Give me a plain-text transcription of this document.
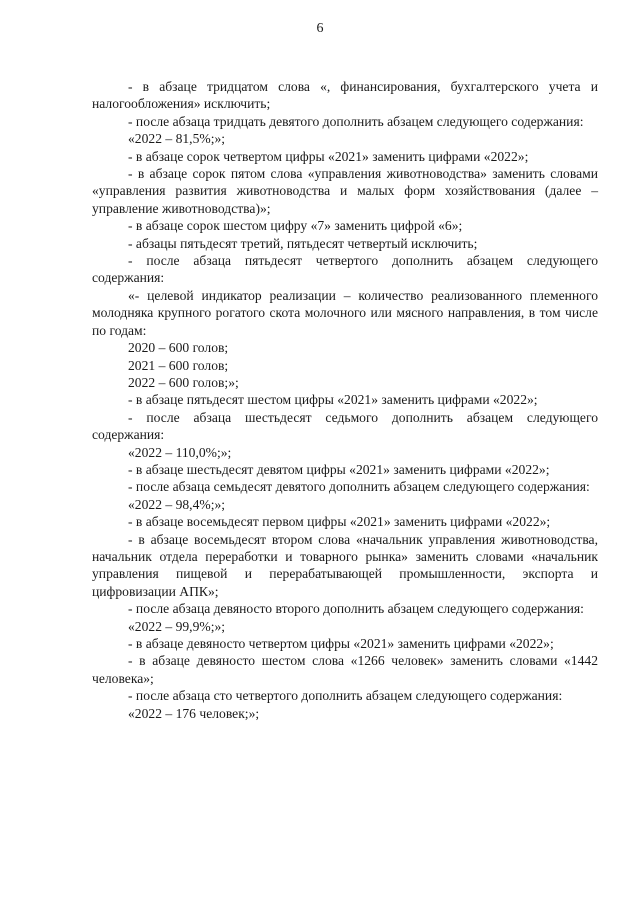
6

- в абзаце тридцатом слова «, финансирования, бухгалтерского учета и налогообложения» исключить;

- после абзаца тридцать девятого дополнить абзацем следующего содержания:

«2022 – 81,5%;»;

- в абзаце сорок четвертом цифры «2021» заменить цифрами «2022»;

- в абзаце сорок пятом слова «управления животноводства» заменить словами «управления развития животноводства и малых форм хозяйствования (далее – управление животноводства)»;

- в абзаце сорок шестом цифру «7» заменить цифрой «6»;

- абзацы пятьдесят третий, пятьдесят четвертый исключить;

- после абзаца пятьдесят четвертого дополнить абзацем следующего содержания:

«- целевой индикатор реализации – количество реализованного племенного молодняка крупного рогатого скота молочного или мясного направления, в том числе по годам:

2020 – 600 голов;

2021 – 600 голов;

2022 – 600 голов;»;

- в абзаце пятьдесят шестом цифры «2021» заменить цифрами «2022»;

- после абзаца шестьдесят седьмого дополнить абзацем следующего содержания:

«2022 – 110,0%;»;

- в абзаце шестьдесят девятом цифры «2021» заменить цифрами «2022»;

- после абзаца семьдесят девятого дополнить абзацем следующего содержания:

«2022 – 98,4%;»;

- в абзаце восемьдесят первом цифры «2021» заменить цифрами «2022»;

- в абзаце восемьдесят втором слова «начальник управления животноводства, начальник отдела переработки и товарного рынка» заменить словами «начальник управления пищевой и перерабатывающей промышленности, экспорта и цифровизации АПК»;

- после абзаца девяносто второго дополнить абзацем следующего содержания:

«2022 – 99,9%;»;

- в абзаце девяносто четвертом цифры «2021» заменить цифрами «2022»;

- в абзаце девяносто шестом слова «1266 человек» заменить словами «1442 человека»;

- после абзаца сто четвертого дополнить абзацем следующего содержания:

«2022 – 176 человек;»;
